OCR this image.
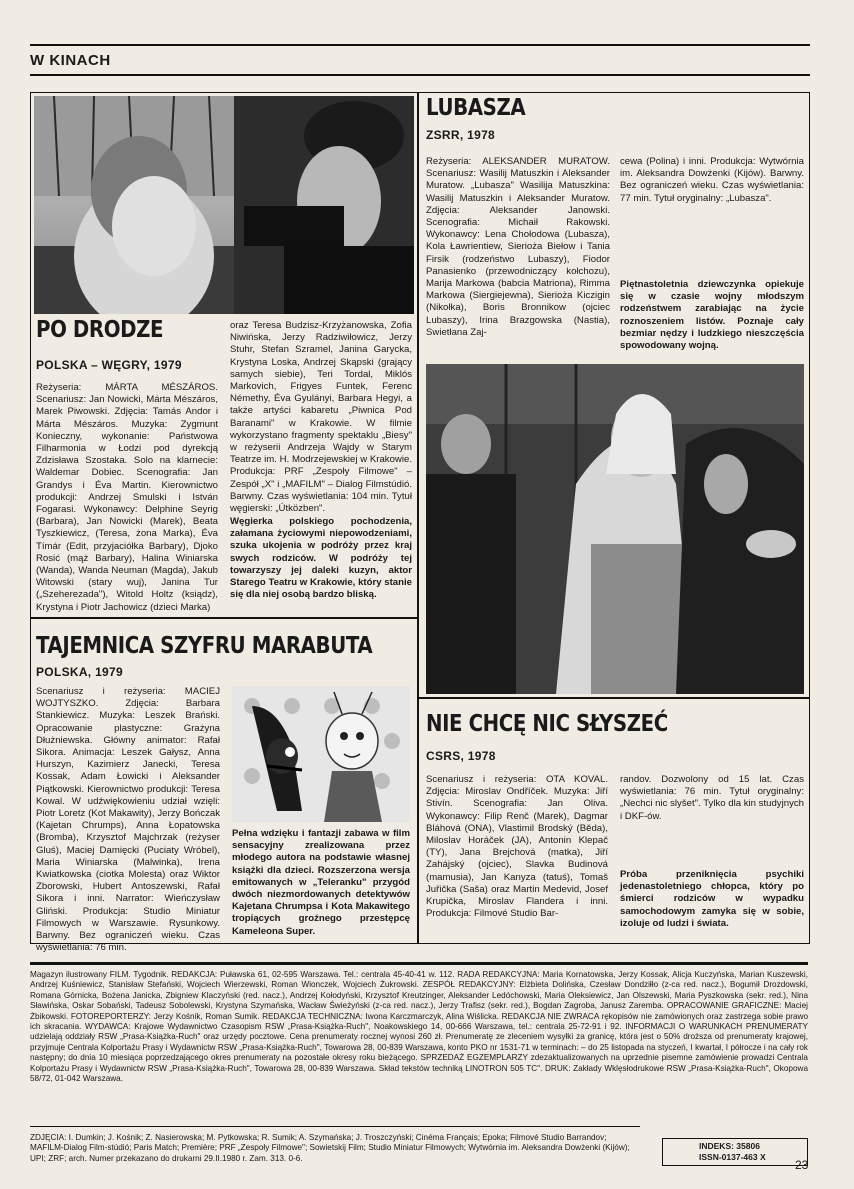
W KINACH
PO DRODZE
POLSKA – WĘGRY, 1979
Reżyseria: MÁRTA MÉSZÁROS. Scenariusz: Jan Nowicki, Márta Mészáros, Marek Piwowski. Zdjęcia: Tamás Andor i Márta Mészáros. Muzyka: Zygmunt Konieczny, wykonanie: Państwowa Filharmonia w Łodzi pod dyrekcją Zdzisława Szostaka. Solo na klarnecie: Waldemar Dobiec. Scenografia: Jan Grandys i Éva Martin. Kierownictwo produkcji: Andrzej Smulski i István Fogarasi. Wykonawcy: Delphine Seyrig (Barbara), Jan Nowicki (Marek), Beata Tyszkiewicz, (Teresa, żona Marka), Éva Tímár (Edit, przyjaciółka Barbary), Djoko Rosić (mąż Barbary), Halina Winiarska (Wanda), Wanda Neuman (Magda), Jakub Witowski (stary wuj), Janina Tur („Szeherezada"), Witold Holtz (ksiądz), Krystyna i Piotr Jachowicz (dzieci Marka)
oraz Teresa Budzisz-Krzyżanowska, Zofia Niwińska, Jerzy Radziwiłowicz, Jerzy Stuhr, Stefan Szramel, Janina Garycka, Krystyna Loska, Andrzej Skąpski (grający samych siebie), Teri Tordal, Miklós Markovich, Frigyes Funtek, Ferenc Némethy, Éva Gyulányi, Barbara Hegyi, a także artyści kabaretu „Piwnica Pod Baranami" w Krakowie. W filmie wykorzystano fragmenty spektaklu „Biesy" w reżyserii Andrzeja Wajdy w Starym Teatrze im. H. Modrzejewskiej w Krakowie. Produkcja: PRF „Zespoły Filmowe" – Zespół „X" i „MAFILM" – Dialog Filmstúdió. Barwny. Czas wyświetlania: 104 min. Tytuł węgierski: „Útközben".
Węgierka polskiego pochodzenia, załamana życiowymi niepowodzeniami, szuka ukojenia w podróży przez kraj swych rodziców. W podróży tej towarzyszy jej daleki kuzyn, aktor Starego Teatru w Krakowie, który stanie się dla niej osobą bardzo bliską.
LUBASZA
ZSRR, 1978
Reżyseria: ALEKSANDER MURATOW. Scenariusz: Wasilij Matuszkin i Aleksander Muratow. „Lubasza" Wasilija Matuszkina: Wasilij Matuszkin i Aleksander Muratow. Zdjęcia: Aleksander Janowski. Scenografia: Michaił Rakowski. Wykonawcy: Lena Chołodowa (Lubasza), Kola Ławrientiew, Sierioża Biełow i Tania Firsik (rodzeństwo Lubaszy), Fiodor Panasienko (przewodniczący kołchozu), Marija Markowa (babcia Matriona), Rimma Markowa (Siergiejewna), Sierioża Kiczigin (Nikołka), Boris Bronnikow (ojciec Lubaszy), Irina Brazgowska (Nastia), Swietłana Zaj-
cewa (Polina) i inni. Produkcja: Wytwórnia im. Aleksandra Dowżenki (Kijów). Barwny. Bez ograniczeń wieku. Czas wyświetlania: 77 min. Tytuł oryginalny: „Lubasza".
Piętnastoletnia dziewczynka opiekuje się w czasie wojny młodszym rodzeństwem zarabiając na życie roznoszeniem listów. Poznaje cały bezmiar nędzy i ludzkiego nieszczęścia spowodowany wojną.
TAJEMNICA SZYFRU MARABUTA
POLSKA, 1979
Scenariusz i reżyseria: MACIEJ WOJTYSZKO. Zdjęcia: Barbara Stankiewicz. Muzyka: Leszek Brański. Opracowanie plastyczne: Grażyna Dłużniewska. Główny animator: Rafał Sikora. Animacja: Leszek Gałysz, Anna Hurszyn, Kazimierz Janecki, Teresa Kossak, Adam Łowicki i Aleksander Piątkowski. Kierownictwo produkcji: Teresa Kowal. W udźwiękowieniu udział wzięli: Piotr Loretz (Kot Makawity), Jerzy Bończak (Kajetan Chrumps), Anna Łopatowska (Bromba), Krzysztof Majchrzak (reżyser Gluś), Maciej Damięcki (Puciaty Wróbel), Maria Winiarska (Malwinka), Irena Kwiatkowska (ciotka Molesta) oraz Wiktor Zborowski, Hubert Antoszewski, Rafał Sikora i inni. Narrator: Wieńczysław Gliński. Produkcja: Studio Miniatur Filmowych w Warszawie. Rysunkowy. Barwny. Bez ograniczeń wieku. Czas wyświetlania: 76 min.
Pełna wdzięku i fantazji zabawa w film sensacyjny zrealizowana przez młodego autora na podstawie własnej książki dla dzieci. Rozszerzona wersja emitowanych w „Teleranku" przygód dwóch niezmordowanych detektywów Kajetana Chrumpsa i Kota Makawitego tropiących groźnego przestępcę Kameleona Super.
NIE CHCĘ NIC SŁYSZEĆ
CSRS, 1978
Scenariusz i reżyseria: OTA KOVAL. Zdjęcia: Miroslav Ondříček. Muzyka: Jiří Stivín. Scenografia: Jan Oliva. Wykonawcy: Filip Renč (Marek), Dagmar Bláhová (ONA), Vlastimil Brodský (Běda), Miloslav Horáček (JA), Antonin Klepač (TY), Jana Brejchová (matka), Jiří Zahájský (ojciec), Slavka Budinová (mamusia), Jan Kanyza (tatuś), Tomaš Juřička (Saša) oraz Martin Medevid, Josef Krupička, Miroslav Flandera i inni. Produkcja: Filmové Studio Bar-
randov. Dozwolony od 15 lat. Czas wyświetlania: 76 min. Tytuł oryginalny: „Nechci nic slyšet". Tylko dla kin studyjnych i DKF-ów.
Próba przeniknięcia psychiki jedenastoletniego chłopca, który po śmierci rodziców w wypadku samochodowym zamyka się w sobie, izoluje od ludzi i świata.
Magazyn ilustrowany FILM. Tygodnik. REDAKCJA: Puławska 61, 02-595 Warszawa. Tel.: centrala 45-40-41 w. 112. RADA REDAKCYJNA: Maria Kornatowska, Jerzy Kossak, Alicja Kuczyńska, Marian Kuszewski, Andrzej Kuśniewicz, Stanisław Stefański, Wojciech Wierzewski, Roman Wionczek, Wojciech Żukrowski. ZESPÓŁ REDAKCYJNY: Elżbieta Dolińska, Czesław Dondziłło (z-ca red. nacz.), Bogumił Drozdowski, Romana Górnicka, Bożena Janicka, Zbigniew Klaczyński (red. nacz.), Andrzej Kołodyński, Krzysztof Kreutzinger, Aleksander Ledóchowski, Maria Oleksiewicz, Jan Olszewski, Maria Pyszkowska (sekr. red.), Nina Sławińska, Oskar Sobański, Tadeusz Sobolewski, Krystyna Szymańska, Wacław Świeżyński (z-ca red. nacz.), Jerzy Trafisz (sekr. red.), Bogdan Zagroba, Janusz Zaremba. OPRACOWANIE GRAFICZNE: Maciej Żbikowski. FOTOREPORTERZY: Jerzy Kośnik, Roman Sumik. REDAKCJA TECHNICZNA: Iwona Karczmarczyk, Alina Wiślicka. REDAKCJA NIE ZWRACA rękopisów nie zamówionych oraz zastrzega sobie prawo ich skracania. WYDAWCA: Krajowe Wydawnictwo Czasopism RSW „Prasa-Książka-Ruch", Noakowskiego 14, 00-666 Warszawa, tel.: centrala 25-72-91 i 92. INFORMACJI O WARUNKACH PRENUMERATY udzielają oddziały RSW „Prasa-Książka-Ruch" oraz urzędy pocztowe. Cena prenumeraty rocznej wynosi 260 zł. Prenumeratę ze zleceniem wysyłki za granicę, która jest o 50% droższa od prenumeraty krajowej, przyjmuje Centrala Kolportażu Prasy i Wydawnictw RSW „Prasa-Książka-Ruch", Towarowa 28, 00-839 Warszawa, konto PKO nr 1531-71 w terminach: – do 25 listopada na styczeń, I kwartał, I półrocze i na cały rok następny; do dnia 10 miesiąca poprzedzającego okres prenumeraty na pozostałe okresy roku bieżącego. SPRZEDAŻ EGZEMPLARZY zdezaktualizowanych na uprzednie pisemne zamówienie prowadzi Centrala Kolportażu Prasy i Wydawnictw RSW „Prasa-Książka-Ruch", Towarowa 28, 00-839 Warszawa. Skład tekstów techniką LINOTRON 505 TC". DRUK: Zakłady Wklęsłodrukowe RSW „Prasa-Książka-Ruch", Okopowa 58/72, 01-042 Warszawa.
ZDJĘCIA: I. Dumkin; J. Kośnik; Z. Nasierowska; M. Pytkowska; R. Sumik; A. Szymańska; J. Troszczyński; Cinéma Français; Epoka; Filmové Studio Barrandov; MAFILM-Dialog Film-stúdió; Paris Match; Première; PRF „Zespoły Filmowe"; Sowietskij Film; Studio Miniatur Filmowych; Wytwórnia im. Aleksandra Dowżenki (Kijów); UPI; ZRF; arch. Numer przekazano do drukarni 29.II.1980 r. Zam. 313. 0-6.
INDEKS: 35806
ISSN-0137-463 X
23
